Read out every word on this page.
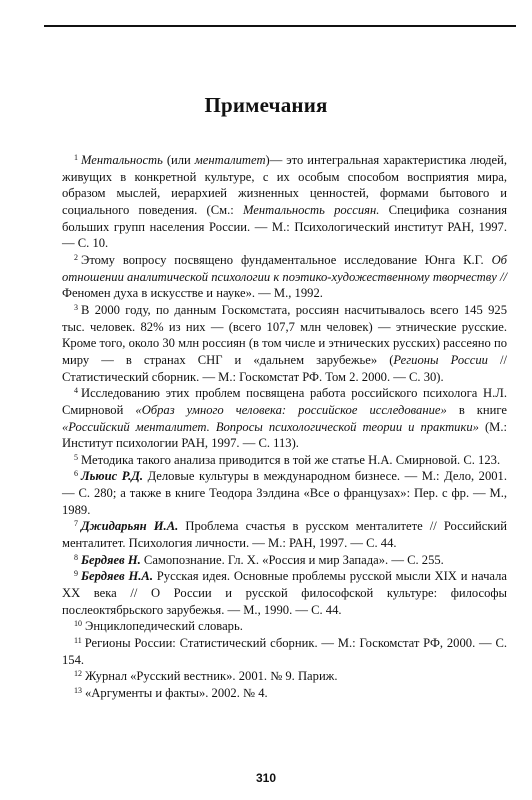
Примечания

$^1$ Ментальность (или менталитет)— это интегральная характеристика людей, живущих в конкретной культуре, с их особым способом восприятия мира, образом мыслей, иерархией жизненных ценностей, формами бытового и социального поведения. (См.: Ментальность россиян. Специфика сознания больших групп населения России. — М.: Психологический институт РАН, 1997. — С. 10.

$^2$ Этому вопросу посвящено фундаментальное исследование Юнга К.Г. Об отношении аналитической психологии к поэтико-художественному творчеству // Феномен духа в искусстве и науке». — М., 1992.

$^3$ В 2000 году, по данным Госкомстата, россиян насчитывалось всего 145 925 тыс. человек. 82% из них — (всего 107,7 млн человек) — этнические русские. Кроме того, около 30 млн россиян (в том числе и этнических русских) рассеяно по миру — в странах СНГ и «дальнем зарубежье» (Регионы России // Статистический сборник. — М.: Госкомстат РФ. Том 2. 2000. — С. 30).

$^4$ Исследованию этих проблем посвящена работа российского психолога Н.Л. Смирновой «Образ умного человека: российское исследование» в книге «Российский менталитет. Вопросы психологической теории и практики» (М.: Институт психологии РАН, 1997. — С. 113).

$^5$ Методика такого анализа приводится в той же статье Н.А. Смирновой. С. 123.

$^6$ Льюис Р.Д. Деловые культуры в международном бизнесе. — М.: Дело, 2001. — С. 280; а также в книге Теодора Зэлдина «Все о французах»: Пер. с фр. — М., 1989.

$^7$ Джидарьян И.А. Проблема счастья в русском менталитете // Российский менталитет. Психология личности. — М.: РАН, 1997. — С. 44.

$^8$ Бердяев Н. Самопознание. Гл. X. «Россия и мир Запада». — С. 255.

$^9$ Бердяев Н.А. Русская идея. Основные проблемы русской мысли XIX и начала XX века // О России и русской философской культуре: философы послеоктябрьского зарубежья. — М., 1990. — С. 44.

$^{10}$ Энциклопедический словарь.

$^{11}$ Регионы России: Статистический сборник. — М.: Госкомстат РФ, 2000. — С. 154.

$^{12}$ Журнал «Русский вестник». 2001. № 9. Париж.

$^{13}$ «Аргументы и факты». 2002. № 4.

310
